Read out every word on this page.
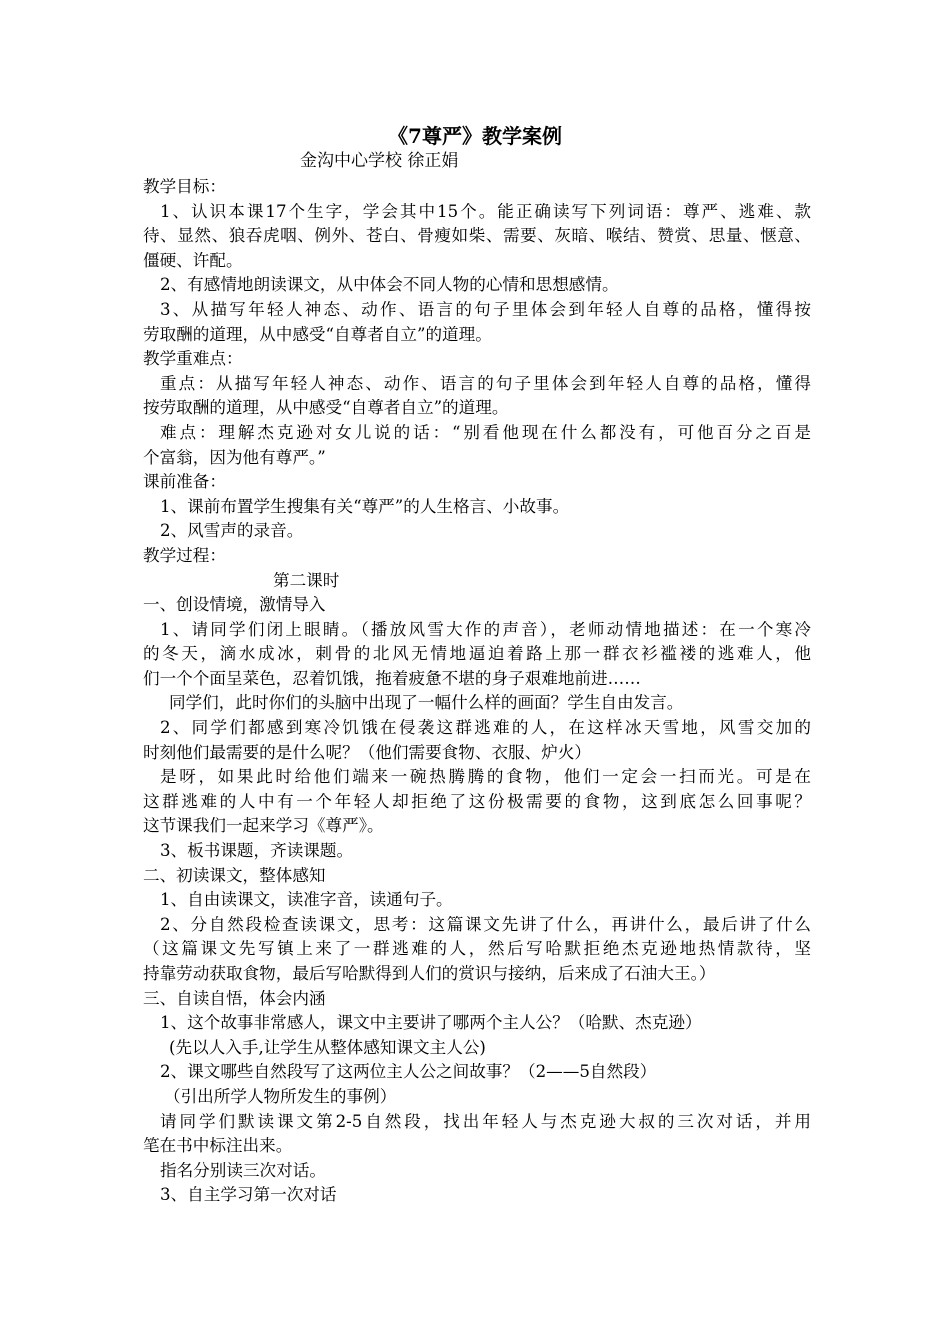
《7尊严》教学案例
金沟中心学校 徐正娟
教学目标：
1、认识本课17个生字，学会其中15个。能正确读写下列词语：尊严、逃难、款
待、显然、狼吞虎咽、例外、苍白、骨瘦如柴、需要、灰暗、喉结、赞赏、思量、惬意、
僵硬、许配。
2、有感情地朗读课文，从中体会不同人物的心情和思想感情。
3、从描写年轻人神态、动作、语言的句子里体会到年轻人自尊的品格，懂得按
劳取酬的道理，从中感受“自尊者自立”的道理。
教学重难点：
重点：从描写年轻人神态、动作、语言的句子里体会到年轻人自尊的品格，懂得
按劳取酬的道理，从中感受“自尊者自立”的道理。
难点：理解杰克逊对女儿说的话：“别看他现在什么都没有，可他百分之百是
个富翁，因为他有尊严。”
课前准备：
1、课前布置学生搜集有关“尊严”的人生格言、小故事。
2、风雪声的录音。
教学过程：
第二课时
一、创设情境，激情导入
1、请同学们闭上眼睛。（播放风雪大作的声音），老师动情地描述：在一个寒冷
的冬天，滴水成冰，刺骨的北风无情地逼迫着路上那一群衣衫褴褛的逃难人，他
们一个个面呈菜色，忍着饥饿，拖着疲惫不堪的身子艰难地前进……
同学们，此时你们的头脑中出现了一幅什么样的画面？学生自由发言。
2、同学们都感到寒冷饥饿在侵袭这群逃难的人，在这样冰天雪地，风雪交加的
时刻他们最需要的是什么呢？（他们需要食物、衣服、炉火）
是呀，如果此时给他们端来一碗热腾腾的食物，他们一定会一扫而光。可是在
这群逃难的人中有一个年轻人却拒绝了这份极需要的食物，这到底怎么回事呢？
这节课我们一起来学习《尊严》。
3、板书课题，齐读课题。
二、初读课文，整体感知
1、自由读课文，读准字音，读通句子。
2、分自然段检查读课文，思考：这篇课文先讲了什么，再讲什么，最后讲了什么
（这篇课文先写镇上来了一群逃难的人，然后写哈默拒绝杰克逊地热情款待，坚
持靠劳动获取食物，最后写哈默得到人们的赏识与接纳，后来成了石油大王。）
三、自读自悟，体会内涵
1、这个故事非常感人，课文中主要讲了哪两个主人公？（哈默、杰克逊）
(先以人入手,让学生从整体感知课文主人公)
2、课文哪些自然段写了这两位主人公之间故事？（2——5自然段）
（引出所学人物所发生的事例）
请同学们默读课文第2-5自然段，找出年轻人与杰克逊大叔的三次对话，并用
笔在书中标注出来。
指名分别读三次对话。
3、自主学习第一次对话
